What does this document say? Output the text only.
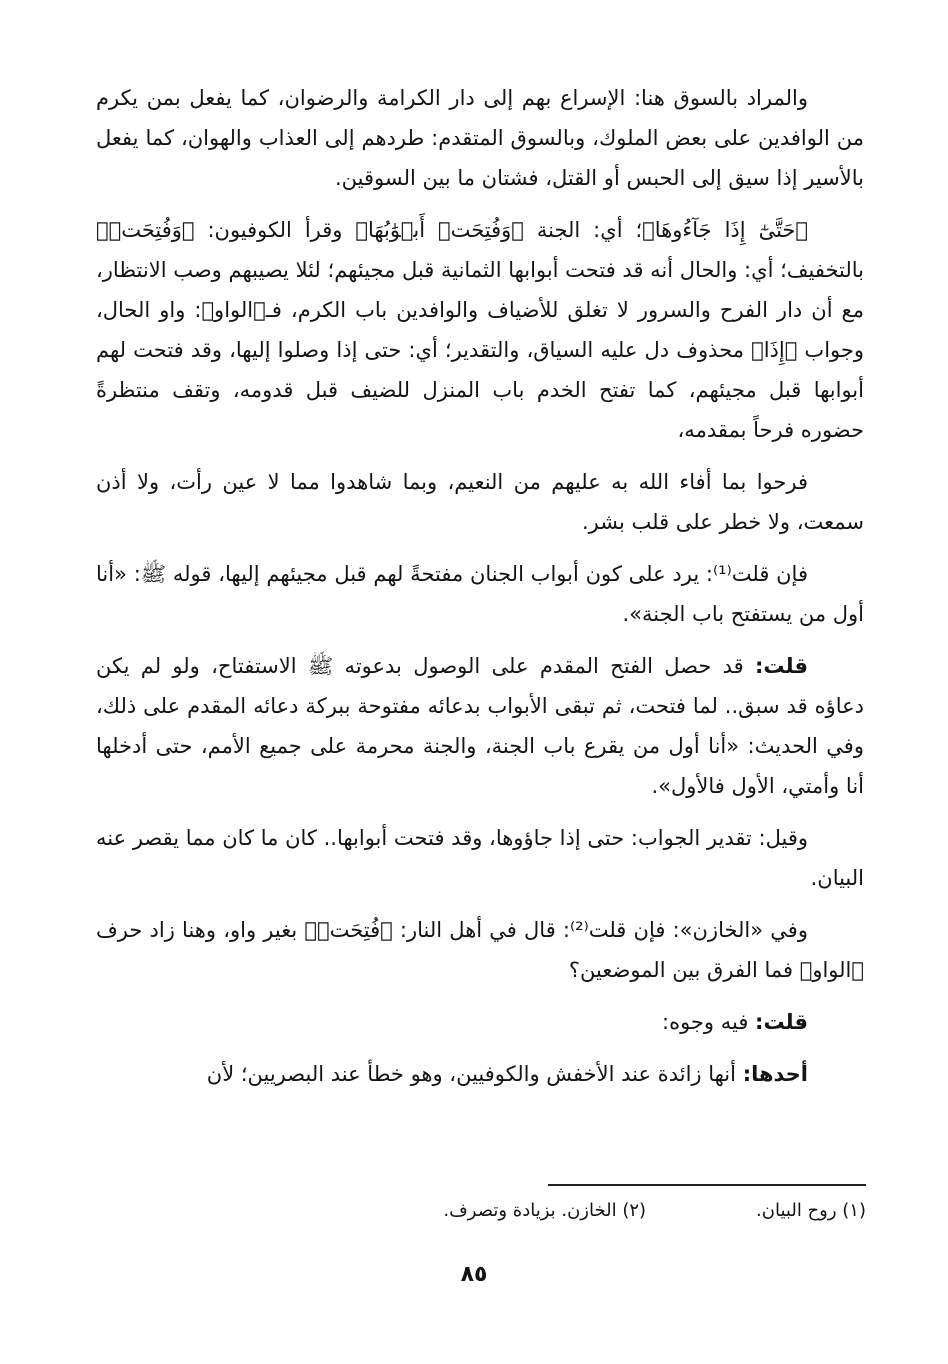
والمراد بالسوق هنا: الإسراع بهم إلى دار الكرامة والرضوان، كما يفعل بمن يكرم من الوافدين على بعض الملوك، وبالسوق المتقدم: طردهم إلى العذاب والهوان، كما يفعل بالأسير إذا سيق إلى الحبس أو القتل، فشتان ما بين السوقين.

﴿حَتَّىٰٓ إِذَا جَآءُوهَا﴾؛ أي: الجنة ﴿وَفُتِحَتۡ أَبۡوَٰبُهَا﴾ وقرأ الكوفيون: ﴿وَفُتِحَتۡ﴾ بالتخفيف؛ أي: والحال أنه قد فتحت أبوابها الثمانية قبل مجيئهم؛ لئلا يصيبهم وصب الانتظار، مع أن دار الفرح والسرور لا تغلق للأضياف والوافدين باب الكرم، فـ﴿الواو﴾: واو الحال، وجواب ﴿إِذَا﴾ محذوف دل عليه السياق، والتقدير؛ أي: حتى إذا وصلوا إليها، وقد فتحت لهم أبوابها قبل مجيئهم، كما تفتح الخدم باب المنزل للضيف قبل قدومه، وتقف منتظرةً حضوره فرحاً بمقدمه،

فرحوا بما أفاء الله به عليهم من النعيم، وبما شاهدوا مما لا عين رأت، ولا أذن سمعت، ولا خطر على قلب بشر.

فإن قلت⁽¹⁾: يرد على كون أبواب الجنان مفتحةً لهم قبل مجيئهم إليها، قوله ﷺ: «أنا أول من يستفتح باب الجنة».

قلت: قد حصل الفتح المقدم على الوصول بدعوته ﷺ الاستفتاح، ولو لم يكن دعاؤه قد سبق.. لما فتحت، ثم تبقى الأبواب بدعائه مفتوحة ببركة دعائه المقدم على ذلك، وفي الحديث: «أنا أول من يقرع باب الجنة، والجنة محرمة على جميع الأمم، حتى أدخلها أنا وأمتي، الأول فالأول».

وقيل: تقدير الجواب: حتى إذا جاؤوها، وقد فتحت أبوابها.. كان ما كان مما يقصر عنه البيان.

وفي «الخازن»: فإن قلت⁽²⁾: قال في أهل النار: ﴿فُتِحَتۡ﴾ بغير واو، وهنا زاد حرف ﴿الواو﴾ فما الفرق بين الموضعين؟

قلت: فيه وجوه:

أحدها: أنها زائدة عند الأخفش والكوفيين، وهو خطأ عند البصريين؛ لأن

(١) روح البيان.
(٢) الخازن. بزيادة وتصرف.
٨٥
